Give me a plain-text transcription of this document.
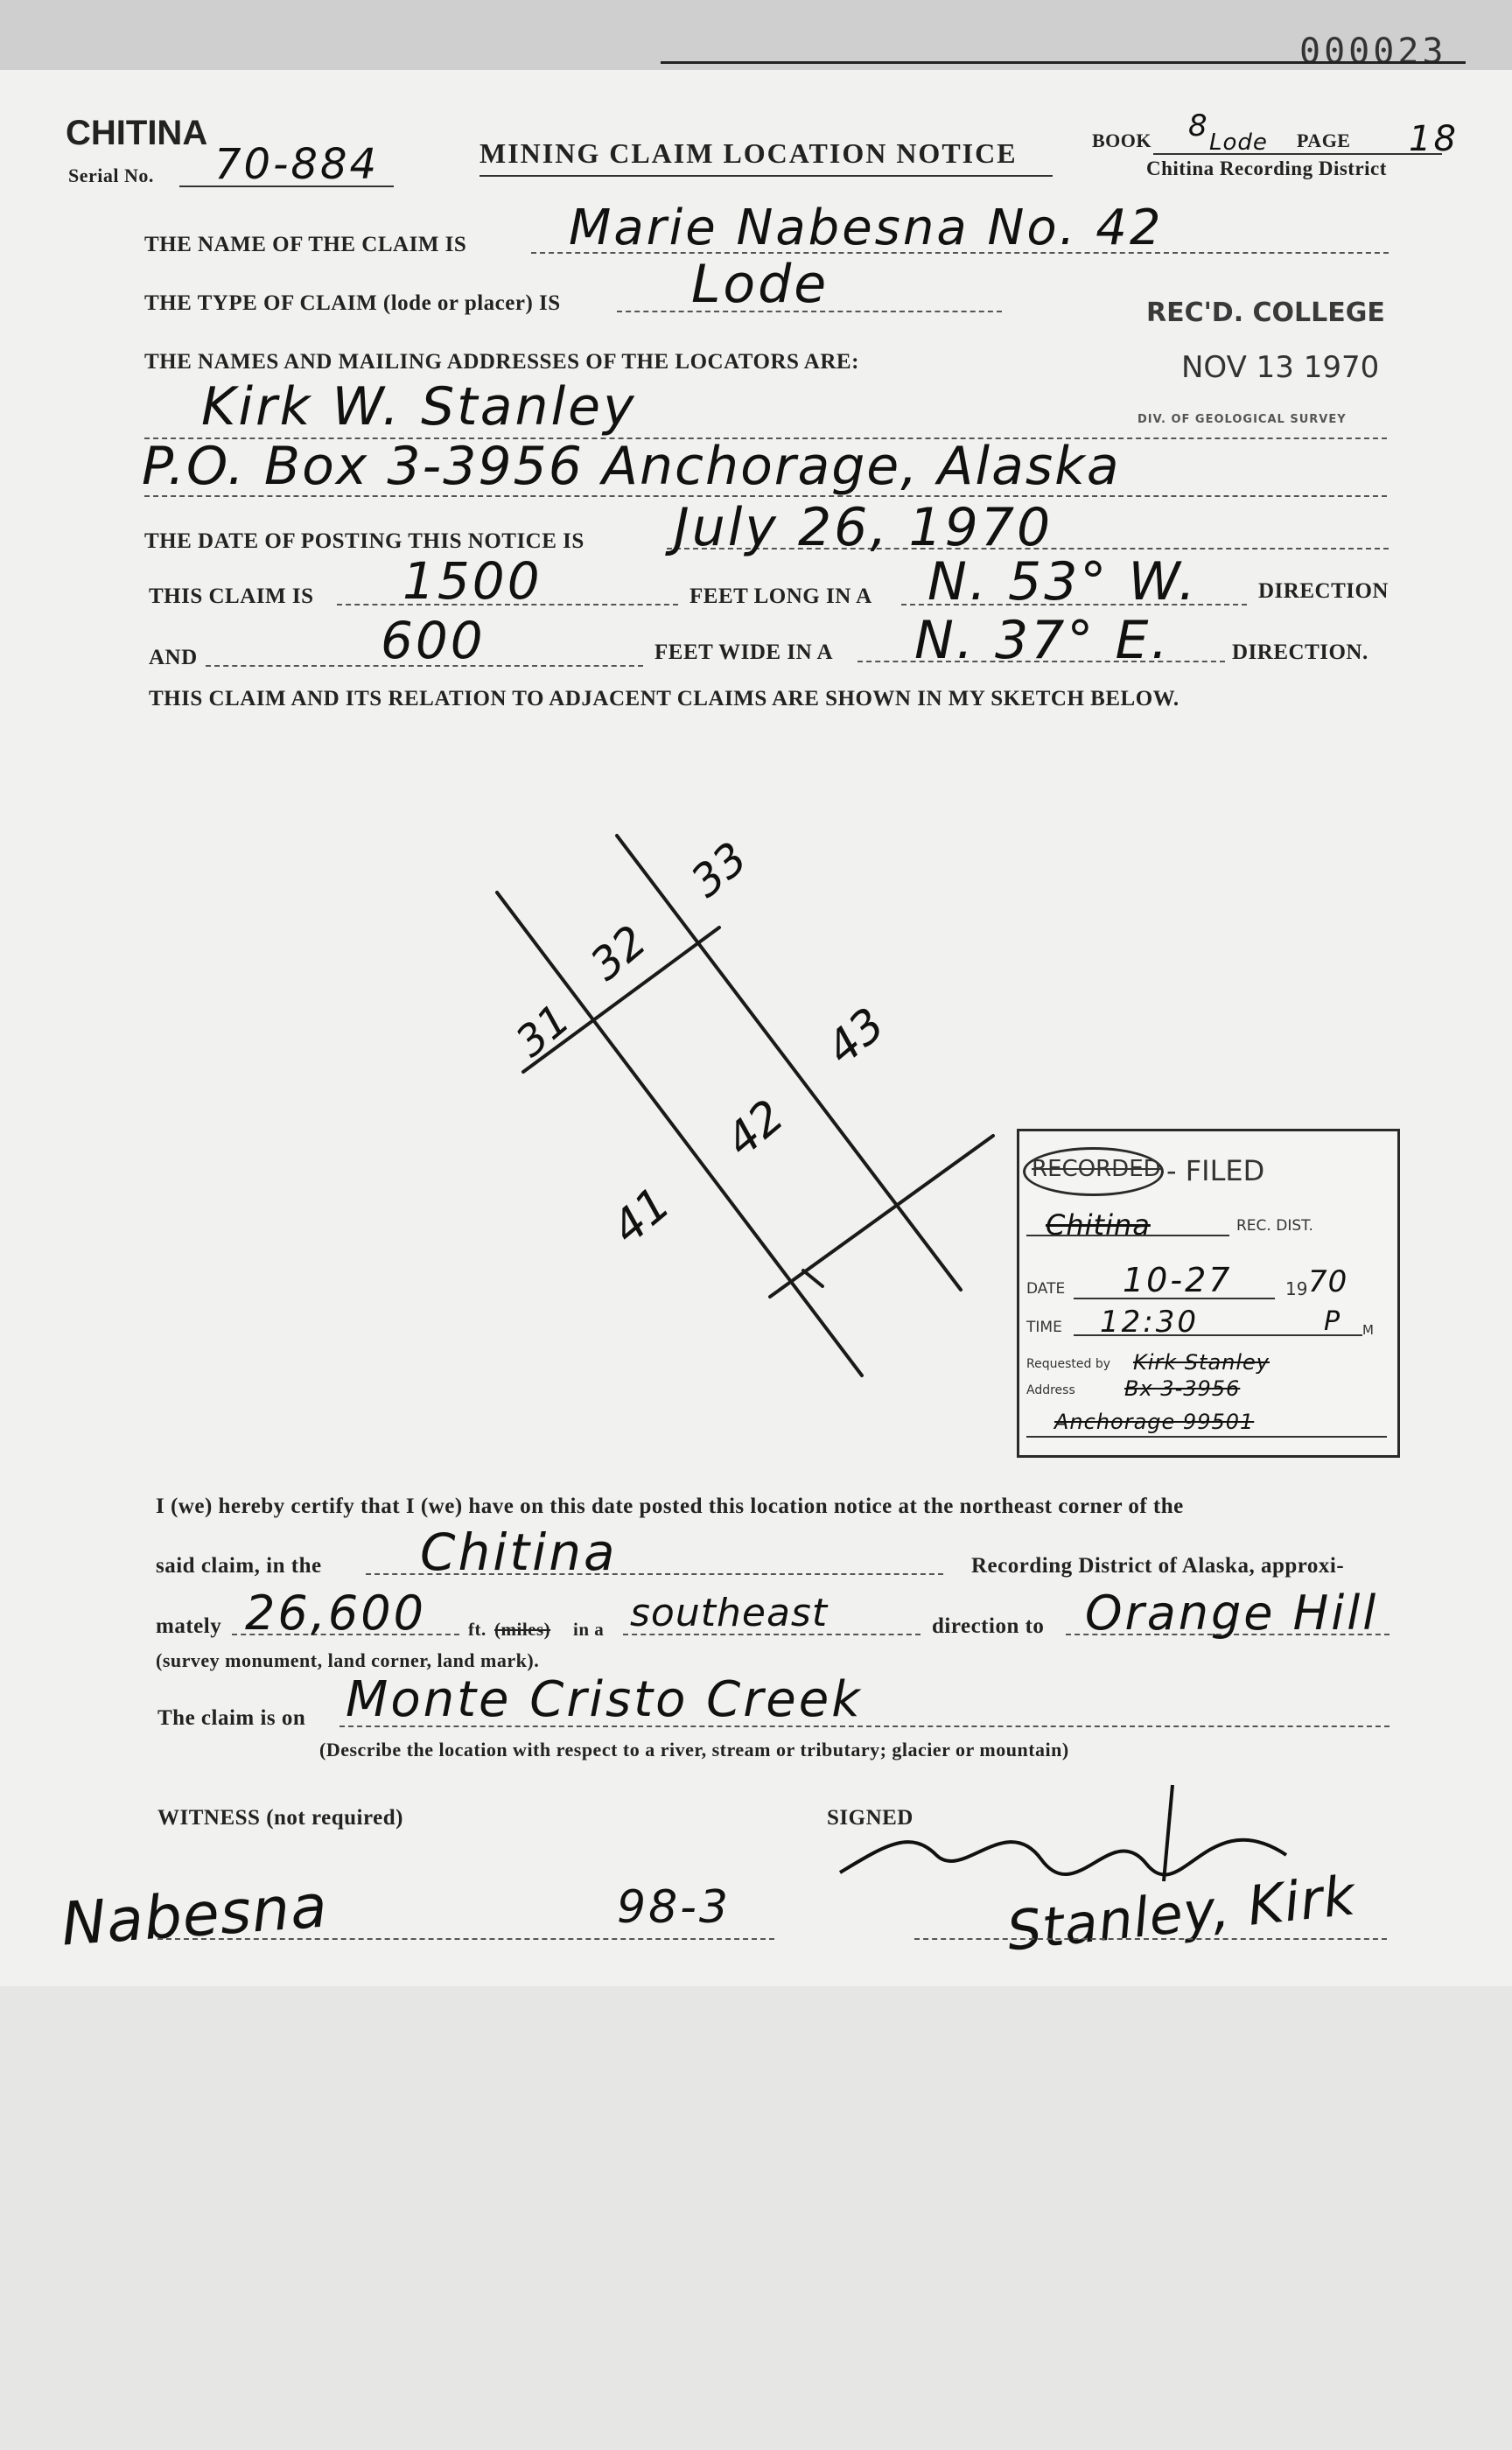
000023
CHITINA
Serial No. 70-884	MINING CLAIM LOCATION NOTICE	BOOK 8 Lode PAGE 18
Chitina Recording District
THE NAME OF THE CLAIM IS Marie Nabesna No. 42
THE TYPE OF CLAIM (lode or placer) IS Lode	REC'D. COLLEGE
NOV 13 1970
DIV. OF GEOLOGICAL SURVEY
THE NAMES AND MAILING ADDRESSES OF THE LOCATORS ARE:
Kirk W. Stanley
P.O. Box 3-3956 Anchorage, Alaska
THE DATE OF POSTING THIS NOTICE IS July 26, 1970
THIS CLAIM IS 1500	FEET LONG IN A N. 53° W.	DIRECTION
AND	600	FEET WIDE IN A N. 37° E.	DIRECTION.
THIS CLAIM AND ITS RELATION TO ADJACENT CLAIMS ARE SHOWN IN MY SKETCH BELOW.
31
32
33
41
42
43
RECORDED - FILED
Chitina	REC. DIST.
DATE 10-27	19 70
TIME 12:30	P M
Requested by Kirk Stanley
Address Bx 3-3956
Anchorage 99501
I (we) hereby certify that I (we) have on this date posted this location notice at the northeast corner of the
said claim, in the Chitina	Recording District of Alaska, approxi-
mately 26,600 ft. (miles) in a southeast	direction to Orange Hill
(survey monument, land corner, land mark).
The claim is on Monte Cristo Creek
(Describe the location with respect to a river, stream or tributary; glacier or mountain)
WITNESS (not required)	SIGNED
Nabesna	98-3	Stanley, Kirk
